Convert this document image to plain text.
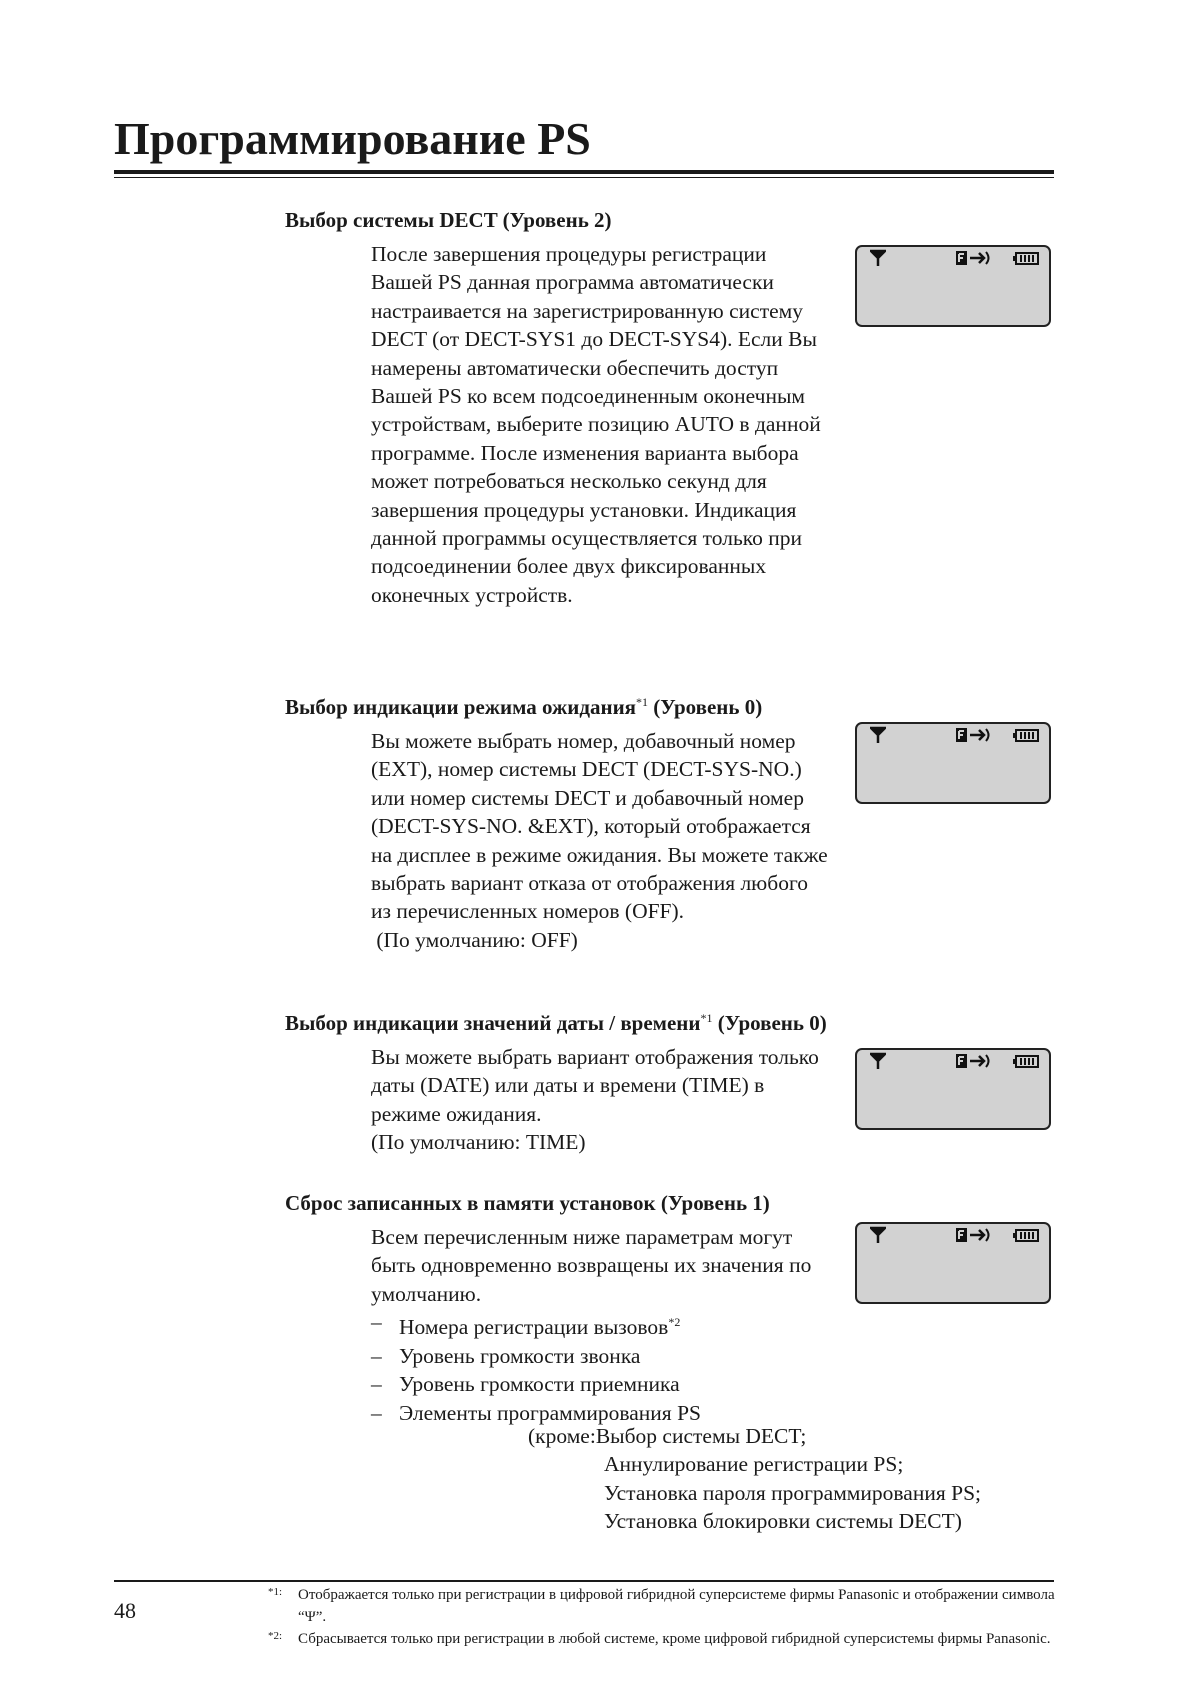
Программирование PS
Выбор системы DECT (Уровень 2)

После завершения процедуры регистрации Вашей PS данная программа автоматически настраивается на зарегистрированную систему DECT (от DECT-SYS1 до DECT-SYS4). Если Вы намерены автоматически обеспечить доступ Вашей PS ко всем подсоединенным оконечным устройствам, выберите позицию AUTO в данной программе. После изменения варианта выбора может потребоваться несколько секунд для завершения процедуры установки. Индикация данной программы осуществляется только при подсоединении более двух фиксированных оконечных устройств.

Выбор индикации режима ожидания$^{*1}$ (Уровень 0)

Вы можете выбрать номер, добавочный номер (EXT), номер системы DECT (DECT-SYS-NO.) или номер системы DECT и добавочный номер (DECT-SYS-NO. &EXT), который отображается на дисплее в режиме ожидания. Вы можете также выбрать вариант отказа от отображения любого из перечисленных номеров (OFF).

(По умолчанию: OFF)

Выбор индикации значений даты / времени$^{*1}$ (Уровень 0)

Вы можете выбрать вариант отображения только даты (DATE) или даты и времени (TIME) в режиме ожидания.

(По умолчанию: TIME)

Сброс записанных в памяти установок (Уровень 1)

Всем перечисленным ниже параметрам могут быть одновременно возвращены их значения по умолчанию.

– Номера регистрации вызовов$^{*2}$
– Уровень громкости звонка
– Уровень громкости приемника
– Элементы программирования PS
(кроме:Выбор системы DECT;
Аннулирование регистрации PS;
Установка пароля программирования PS;
Установка блокировки системы DECT)
48
*1: Отображается только при регистрации в цифровой гибридной суперсистеме фирмы Panasonic и отображении символа “Ψ”.
*2: Сбрасывается только при регистрации в любой системе, кроме цифровой гибридной суперсистемы фирмы Panasonic.
